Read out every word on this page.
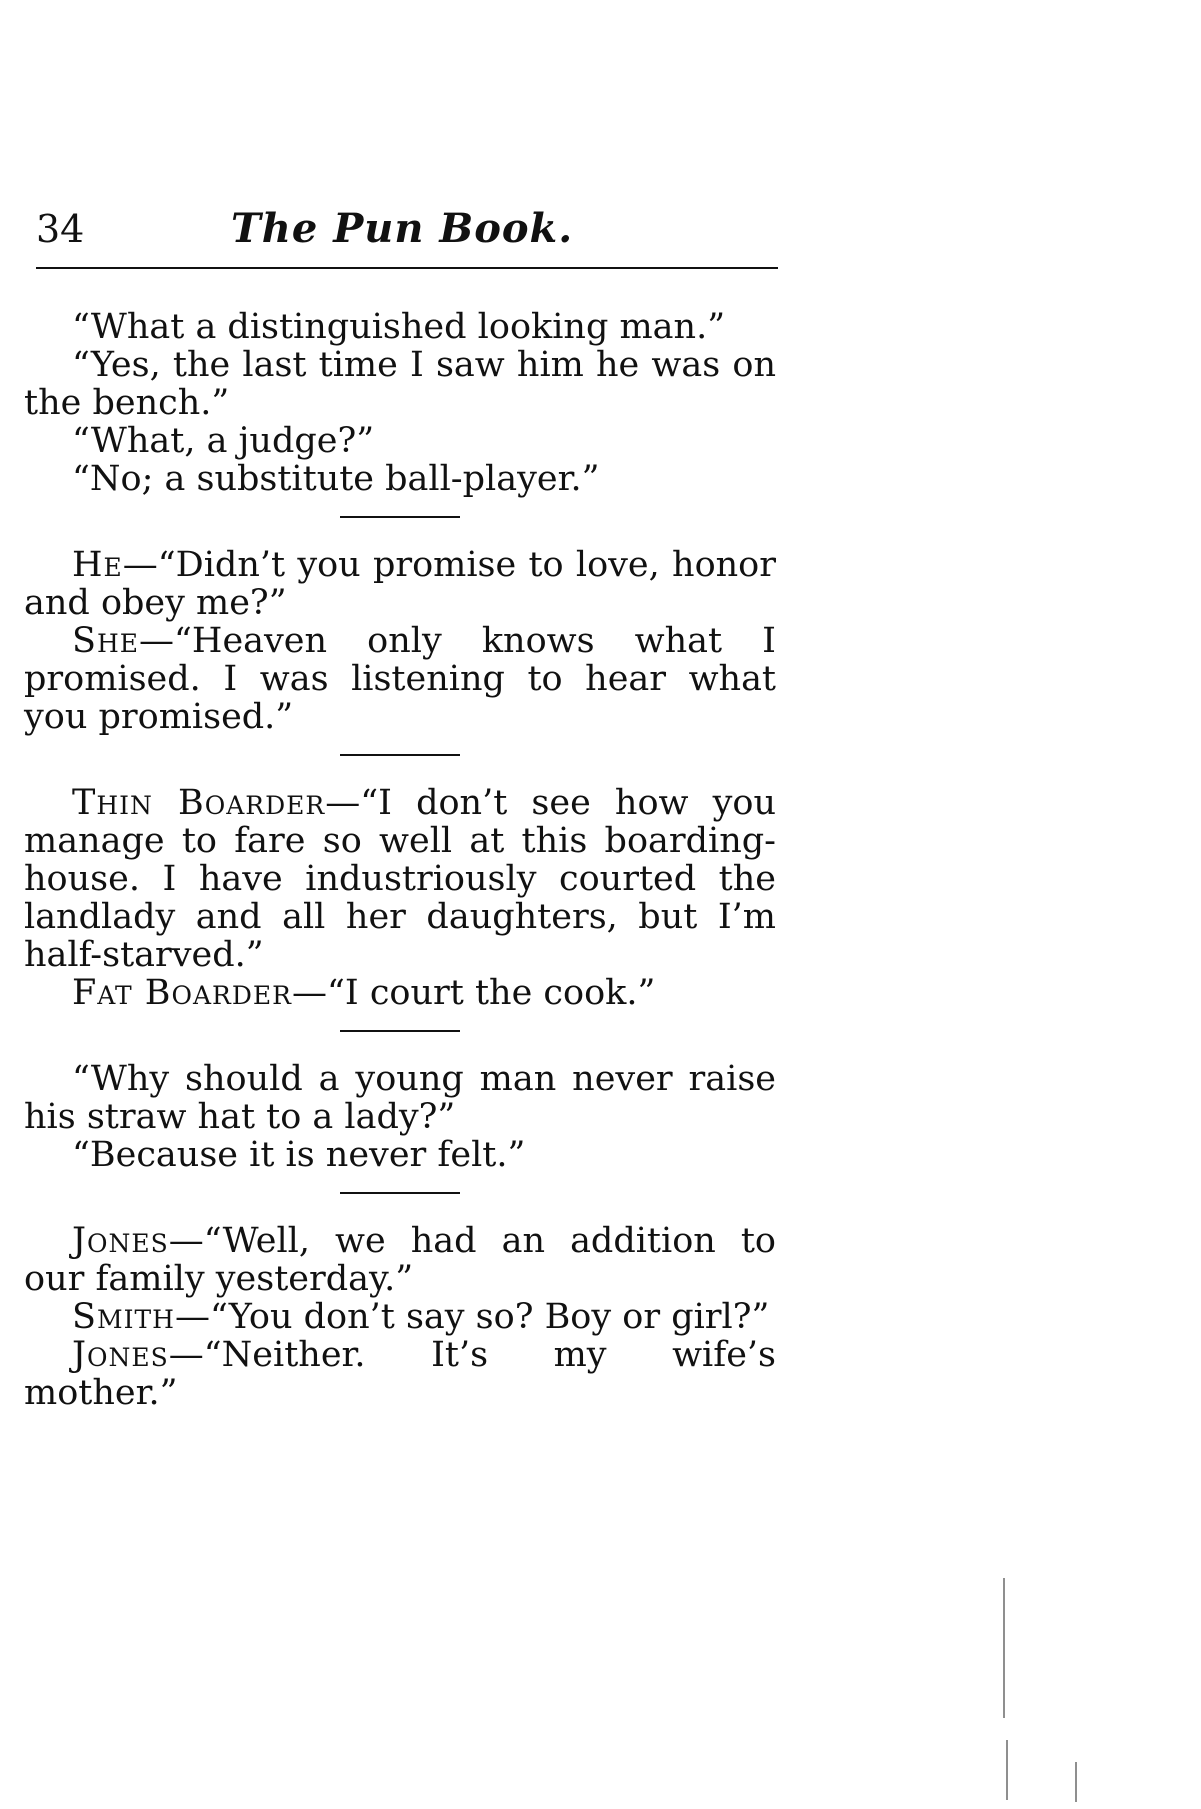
34	The Pun Book.

“What a distinguished looking man.”

“Yes, the last time I saw him he was on the bench.”

“What, a judge?”

“No; a substitute ball-player.”

He—“Didn’t you promise to love, honor and obey me?”

She—“Heaven only knows what I promised. I was listening to hear what you promised.”

Thin Boarder—“I don’t see how you manage to fare so well at this boarding-house. I have industriously courted the landlady and all her daughters, but I’m half-starved.”

Fat Boarder—“I court the cook.”

“Why should a young man never raise his straw hat to a lady?”

“Because it is never felt.”

Jones—“Well, we had an addition to our family yesterday.”

Smith—“You don’t say so? Boy or girl?”

Jones—“Neither. It’s my wife’s mother.”
